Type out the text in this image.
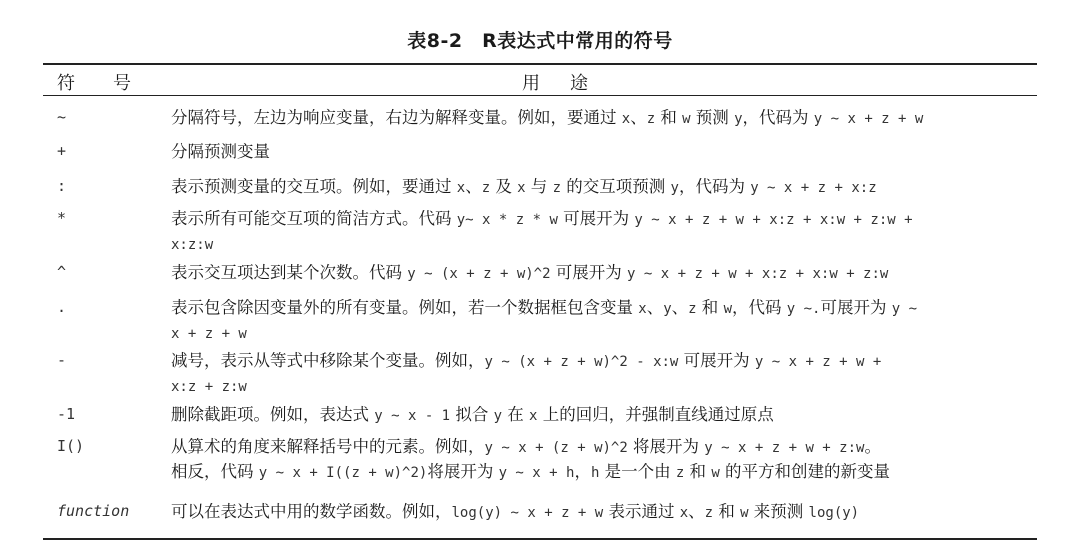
表8-2　R表达式中常用的符号
符号	用途
~	分隔符号，左边为响应变量，右边为解释变量。例如，要通过 x、z 和 w 预测 y，代码为 y ~ x + z + w
+	分隔预测变量
:	表示预测变量的交互项。例如，要通过 x、z 及 x 与 z 的交互项预测 y，代码为 y ~ x + z + x:z
*	表示所有可能交互项的简洁方式。代码 y~ x * z * w 可展开为 y ~ x + z + w + x:z + x:w + z:w +
x:z:w
^	表示交互项达到某个次数。代码 y ~ (x + z + w)^2 可展开为 y ~ x + z + w + x:z + x:w + z:w
.	表示包含除因变量外的所有变量。例如，若一个数据框包含变量 x、y、z 和 w，代码 y ~.可展开为 y ~
x + z + w
-	减号，表示从等式中移除某个变量。例如，y ~ (x + z + w)^2 - x:w 可展开为 y ~ x + z + w +
x:z + z:w
-1	删除截距项。例如，表达式 y ~ x - 1 拟合 y 在 x 上的回归，并强制直线通过原点
I()	从算术的角度来解释括号中的元素。例如，y ~ x + (z + w)^2 将展开为 y ~ x + z + w + z:w。
相反，代码 y ~ x + I((z + w)^2)将展开为 y ~ x + h，h 是一个由 z 和 w 的平方和创建的新变量
function	可以在表达式中用的数学函数。例如，log(y) ~ x + z + w 表示通过 x、z 和 w 来预测 log(y)
